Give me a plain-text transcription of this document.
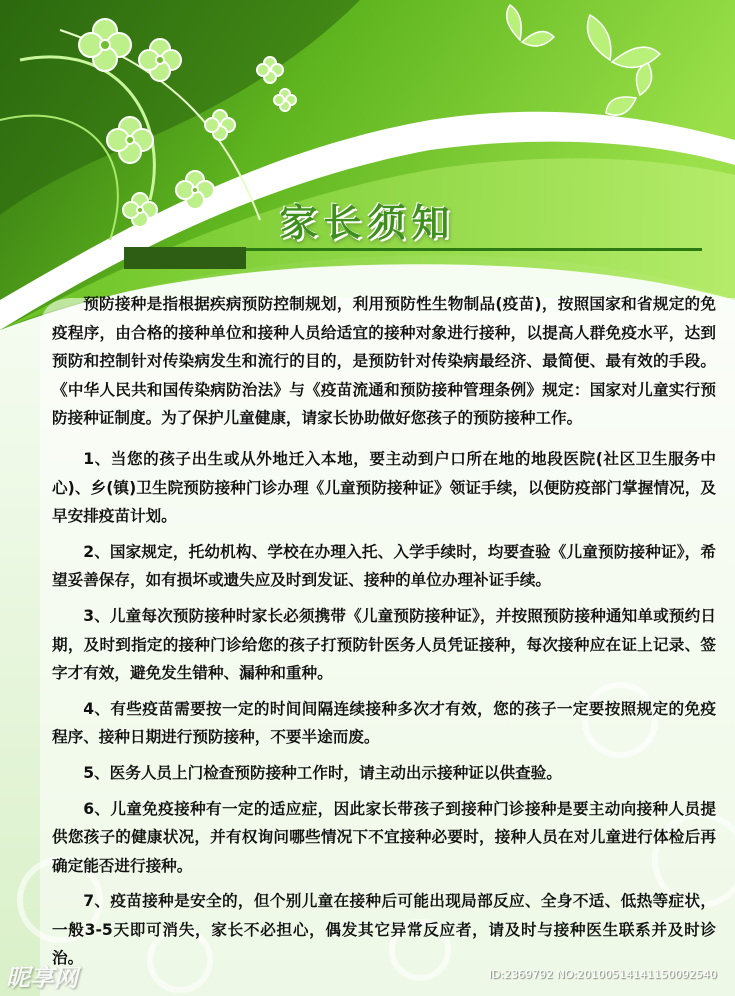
家长须知

预防接种是指根据疾病预防控制规划，利用预防性生物制品(疫苗)，按照国家和省规定的免疫程序，由合格的接种单位和接种人员给适宜的接种对象进行接种，以提高人群免疫水平，达到预防和控制针对传染病发生和流行的目的，是预防针对传染病最经济、最简便、最有效的手段。《中华人民共和国传染病防治法》与《疫苗流通和预防接种管理条例》规定：国家对儿童实行预防接种证制度。为了保护儿童健康，请家长协助做好您孩子的预防接种工作。

1、当您的孩子出生或从外地迁入本地，要主动到户口所在地的地段医院(社区卫生服务中心)、乡(镇)卫生院预防接种门诊办理《儿童预防接种证》领证手续，以便防疫部门掌握情况，及早安排疫苗计划。

2、国家规定，托幼机构、学校在办理入托、入学手续时，均要查验《儿童预防接种证》，希望妥善保存，如有损坏或遗失应及时到发证、接种的单位办理补证手续。

3、儿童每次预防接种时家长必须携带《儿童预防接种证》，并按照预防接种通知单或预约日期，及时到指定的接种门诊给您的孩子打预防针医务人员凭证接种，每次接种应在证上记录、签字才有效，避免发生错种、漏种和重种。

4、有些疫苗需要按一定的时间间隔连续接种多次才有效，您的孩子一定要按照规定的免疫程序、接种日期进行预防接种，不要半途而废。

5、医务人员上门检查预防接种工作时，请主动出示接种证以供查验。

6、儿童免疫接种有一定的适应症，因此家长带孩子到接种门诊接种是要主动向接种人员提供您孩子的健康状况，并有权询问哪些情况下不宜接种必要时，接种人员在对儿童进行体检后再确定能否进行接种。

7、疫苗接种是安全的，但个别儿童在接种后可能出现局部反应、全身不适、低热等症状，一般3-5天即可消失，家长不必担心，偶发其它异常反应者，请及时与接种医生联系并及时诊治。

昵享网	ID:2369792 NO:20100514141150092540
